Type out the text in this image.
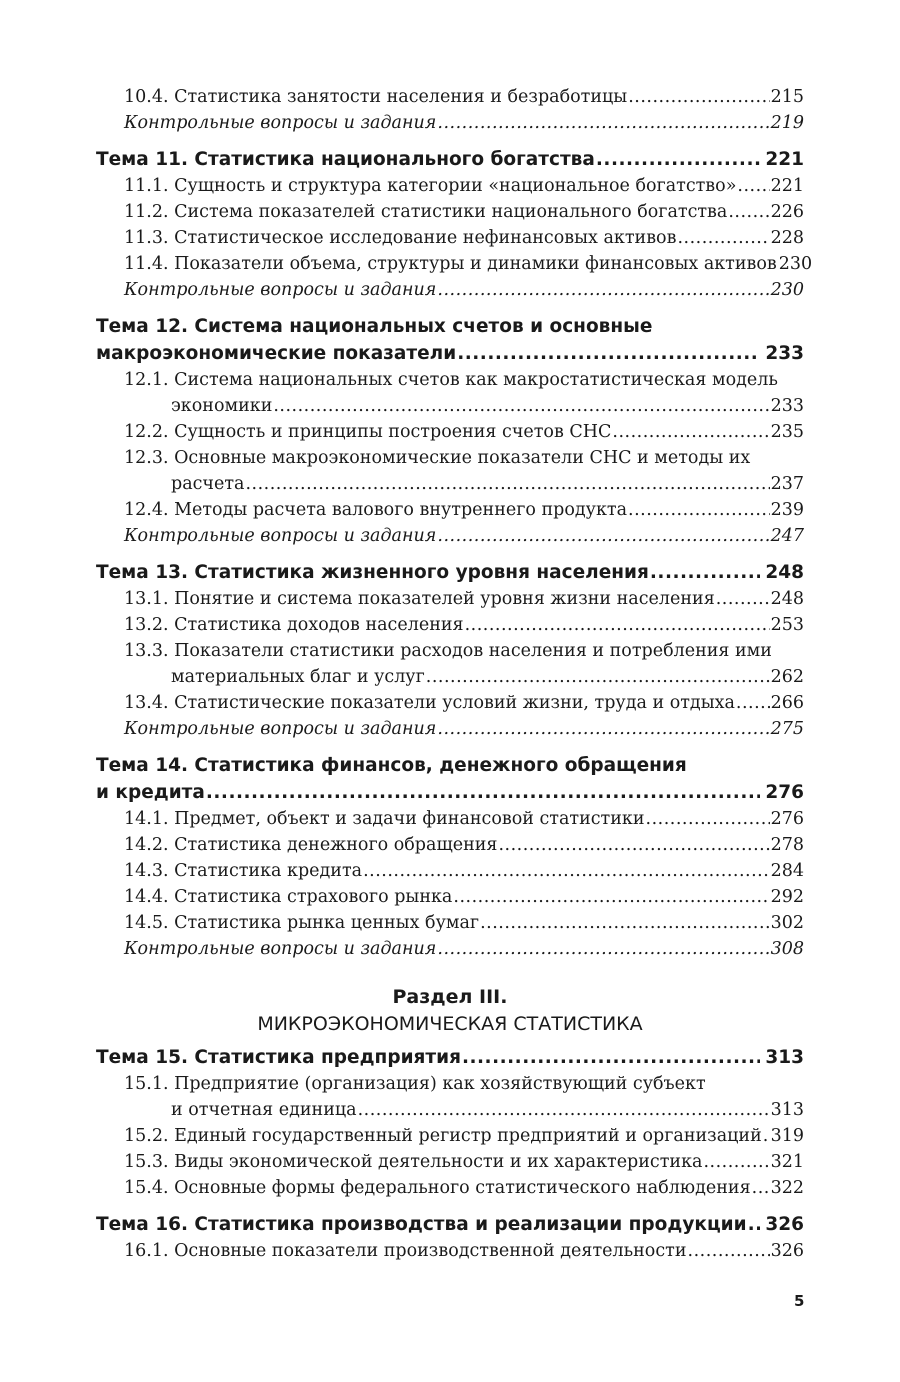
10.4. Статистика занятости населения и безработицы .....	215
Контрольные вопросы и задания .....	219
Тема 11. Статистика национального богатства .....	221
11.1. Сущность и структура категории «национальное богатство» ..... 221
11.2. Система показателей статистики национального богатства ..... 226
11.3. Статистическое исследование нефинансовых активов .....	228
11.4. Показатели объема, структуры и динамики финансовых активов 230
Контрольные вопросы и задания .....	230
Тема 12. Система национальных счетов и основные
макроэкономические показатели .....	233
12.1. Система национальных счетов как макростатистическая модель
экономики .....	233
12.2. Сущность и принципы построения счетов СНС .....	235
12.3. Основные макроэкономические показатели СНС и методы их
расчета .....	237
12.4. Методы расчета валового внутреннего продукта .....	239
Контрольные вопросы и задания .....	247
Тема 13. Статистика жизненного уровня населения .....	248
13.1. Понятие и система показателей уровня жизни населения .....	248
13.2. Статистика доходов населения .....	253
13.3. Показатели статистики расходов населения и потребления ими
материальных благ и услуг .....	262
13.4. Статистические показатели условий жизни, труда и отдыха ..... 266
Контрольные вопросы и задания .....	275
Тема 14. Статистика финансов, денежного обращения
и кредита .....	276
14.1. Предмет, объект и задачи финансовой статистики .....	276
14.2. Статистика денежного обращения .....	278
14.3. Статистика кредита .....	284
14.4. Статистика страхового рынка .....	292
14.5. Статистика рынка ценных бумаг .....	302
Контрольные вопросы и задания .....	308
Раздел III.
МИКРОЭКОНОМИЧЕСКАЯ СТАТИСТИКА
Тема 15. Статистика предприятия .....	313
15.1. Предприятие (организация) как хозяйствующий субъект
и отчетная единица .....	313
15.2. Единый государственный регистр предприятий и организаций ..... 319
15.3. Виды экономической деятельности и их характеристика .....	321
15.4. Основные формы федерального статистического наблюдения ..... 322
Тема 16. Статистика производства и реализации продукции ..... 326
16.1. Основные показатели производственной деятельности .....	326
5
